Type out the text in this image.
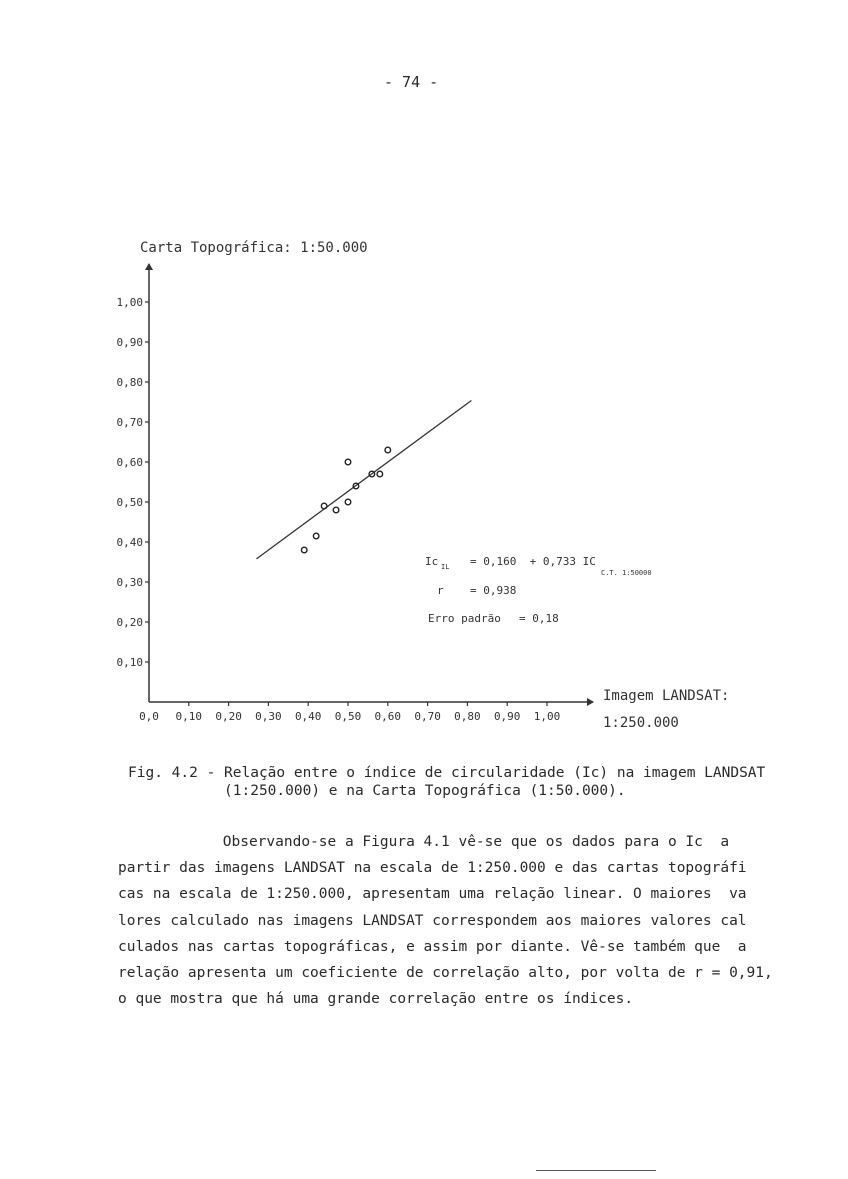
- 74 -
Carta Topográfica: 1:50.000
0,10
0,20
0,30
0,40
0,50
0,60
0,70
0,80
0,90
1,00
0,0 0,10 0,20 0,30 0,40 0,50 0,60 0,70 0,80 0,90 1,00
Ic IL = 0,160  + 0,733 IC
C.T. 1:50000
r = 0,938
Erro padrão = 0,18
Imagem LANDSAT:
1:250.000
Fig. 4.2 - Relação entre o índice de circularidade (Ic) na imagem LANDSAT
(1:250.000) e na Carta Topográfica (1:50.000).
Observando-se a Figura 4.1 vê-se que os dados para o Ic  a
partir das imagens LANDSAT na escala de 1:250.000 e das cartas topográfi
cas na escala de 1:250.000, apresentam uma relação linear. O maiores  va
lores calculado nas imagens LANDSAT correspondem aos maiores valores cal
culados nas cartas topográficas, e assim por diante. Vê-se também que  a
relação apresenta um coeficiente de correlação alto, por volta de r = 0,91,
o que mostra que há uma grande correlação entre os índices.
